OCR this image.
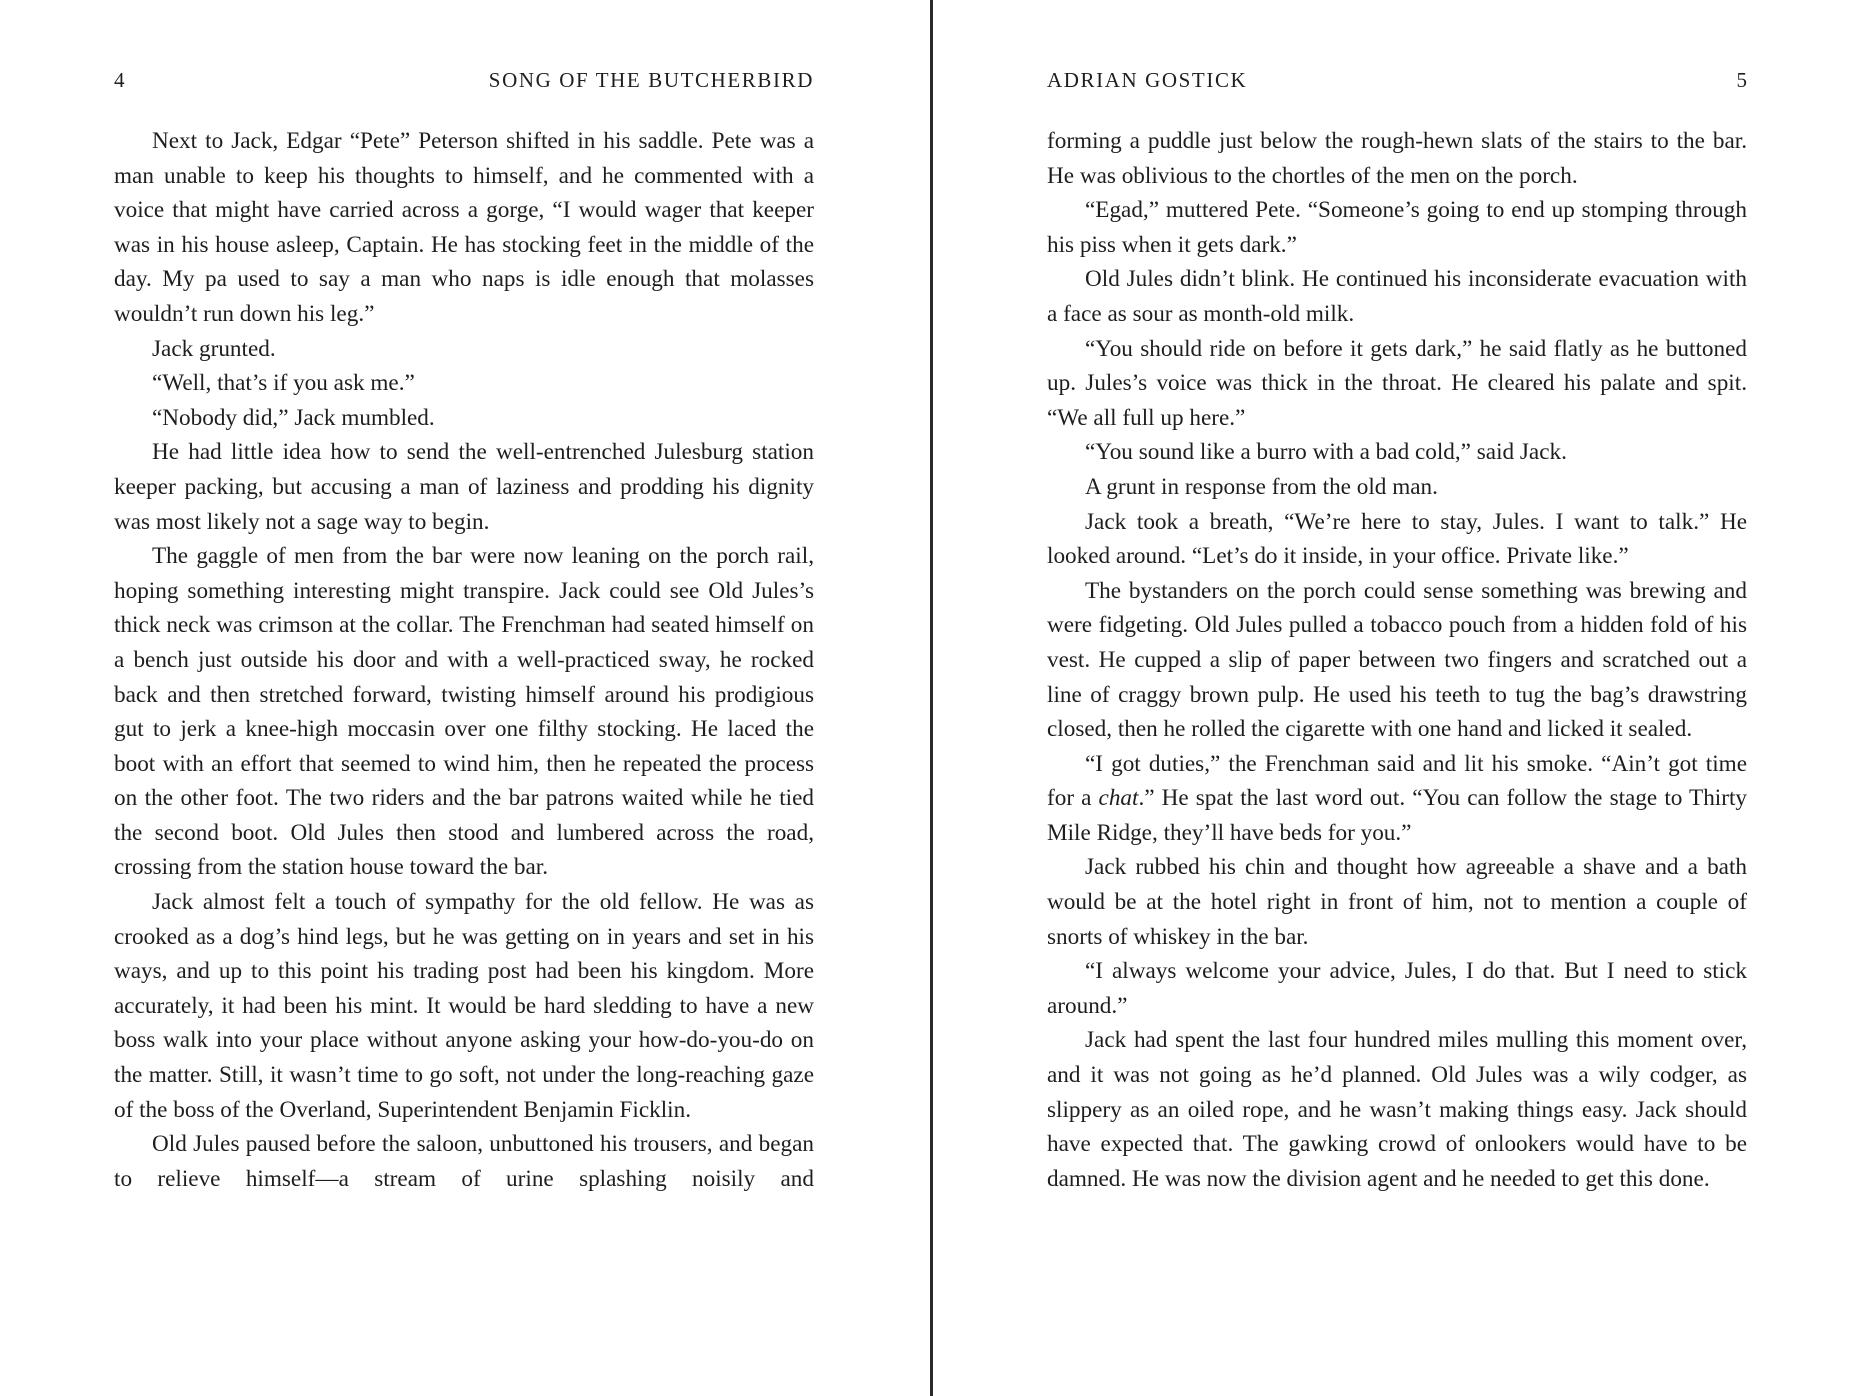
4	SONG OF THE BUTCHERBIRD

Next to Jack, Edgar “Pete” Peterson shifted in his saddle. Pete was a man unable to keep his thoughts to himself, and he commented with a voice that might have carried across a gorge, “I would wager that keeper was in his house asleep, Captain. He has stocking feet in the middle of the day. My pa used to say a man who naps is idle enough that molasses wouldn’t run down his leg.”

Jack grunted.

“Well, that’s if you ask me.”

“Nobody did,” Jack mumbled.

He had little idea how to send the well-entrenched Julesburg station keeper packing, but accusing a man of laziness and prodding his dignity was most likely not a sage way to begin.

The gaggle of men from the bar were now leaning on the porch rail, hoping something interesting might transpire. Jack could see Old Jules’s thick neck was crimson at the collar. The Frenchman had seated himself on a bench just outside his door and with a well-practiced sway, he rocked back and then stretched forward, twisting himself around his prodigious gut to jerk a knee-high moccasin over one filthy stocking. He laced the boot with an effort that seemed to wind him, then he repeated the process on the other foot. The two riders and the bar patrons waited while he tied the second boot. Old Jules then stood and lumbered across the road, crossing from the station house toward the bar.

Jack almost felt a touch of sympathy for the old fellow. He was as crooked as a dog’s hind legs, but he was getting on in years and set in his ways, and up to this point his trading post had been his kingdom. More accurately, it had been his mint. It would be hard sledding to have a new boss walk into your place without anyone asking your how-do-you-do on the matter. Still, it wasn’t time to go soft, not under the long-reaching gaze of the boss of the Overland, Superintendent Benjamin Ficklin.

Old Jules paused before the saloon, unbuttoned his trousers, and began to relieve himself—a stream of urine splashing noisily and

ADRIAN GOSTICK	5

forming a puddle just below the rough-hewn slats of the stairs to the bar. He was oblivious to the chortles of the men on the porch.

“Egad,” muttered Pete. “Someone’s going to end up stomping through his piss when it gets dark.”

Old Jules didn’t blink. He continued his inconsiderate evacuation with a face as sour as month-old milk.

“You should ride on before it gets dark,” he said flatly as he buttoned up. Jules’s voice was thick in the throat. He cleared his palate and spit. “We all full up here.”

“You sound like a burro with a bad cold,” said Jack.

A grunt in response from the old man.

Jack took a breath, “We’re here to stay, Jules. I want to talk.” He looked around. “Let’s do it inside, in your office. Private like.”

The bystanders on the porch could sense something was brewing and were fidgeting. Old Jules pulled a tobacco pouch from a hidden fold of his vest. He cupped a slip of paper between two fingers and scratched out a line of craggy brown pulp. He used his teeth to tug the bag’s drawstring closed, then he rolled the cigarette with one hand and licked it sealed.

“I got duties,” the Frenchman said and lit his smoke. “Ain’t got time for a chat.” He spat the last word out. “You can follow the stage to Thirty Mile Ridge, they’ll have beds for you.”

Jack rubbed his chin and thought how agreeable a shave and a bath would be at the hotel right in front of him, not to mention a couple of snorts of whiskey in the bar.

“I always welcome your advice, Jules, I do that. But I need to stick around.”

Jack had spent the last four hundred miles mulling this moment over, and it was not going as he’d planned. Old Jules was a wily codger, as slippery as an oiled rope, and he wasn’t making things easy. Jack should have expected that. The gawking crowd of onlookers would have to be damned. He was now the division agent and he needed to get this done.
